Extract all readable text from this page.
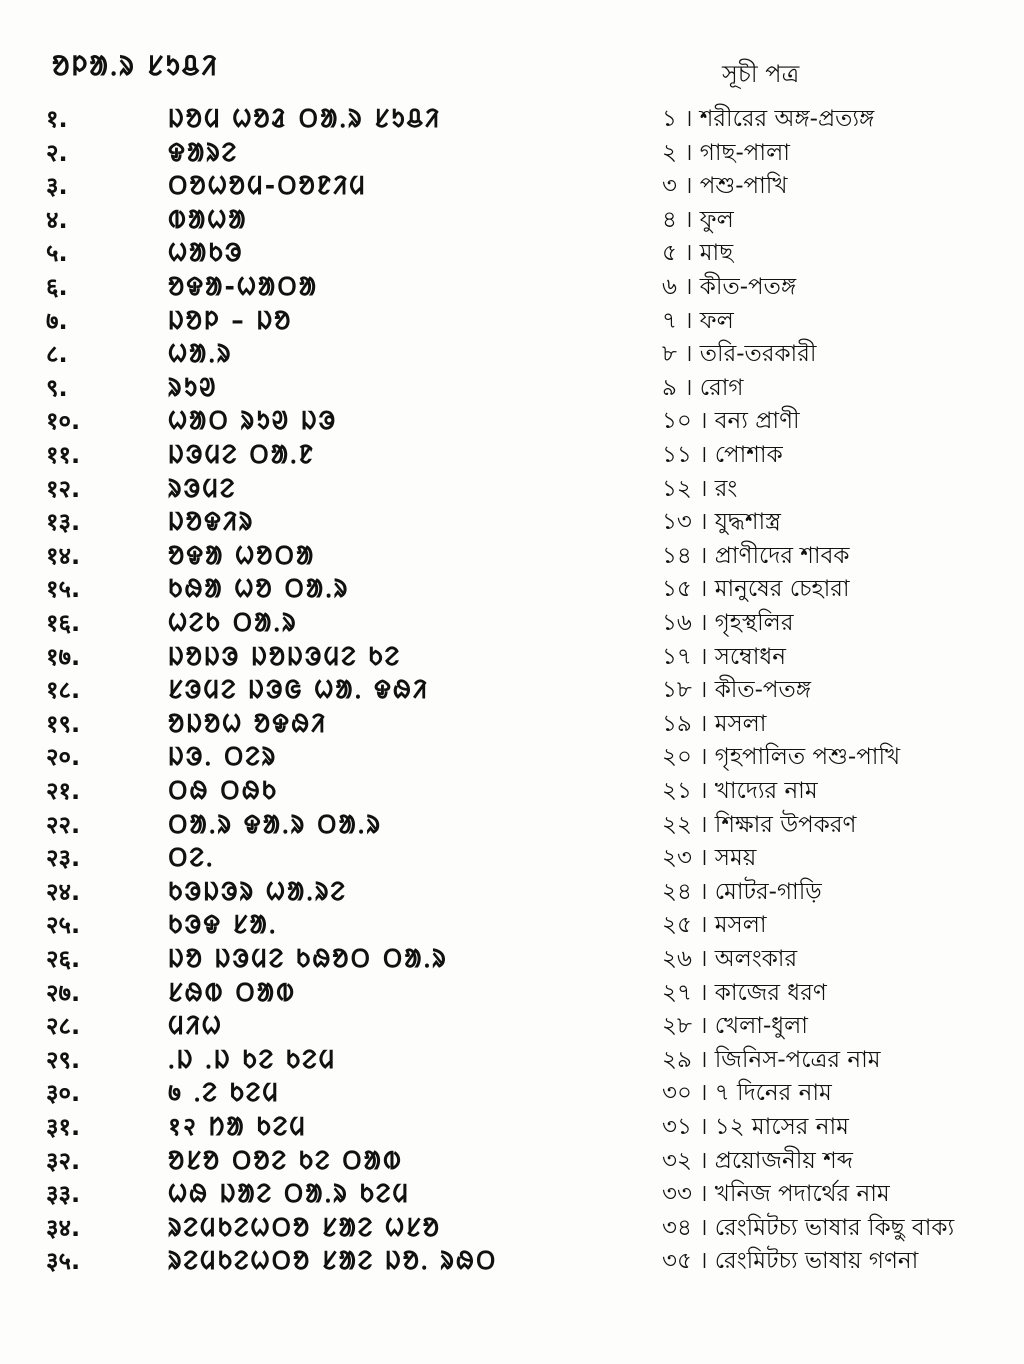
ᱚᱞᱟᱹᱨ ᱥᱩᱪᱤ	সূচী পত্র
१.	ᱡᱚᱢ ᱦᱚᱲ ᱛᱟᱹᱨ ᱥᱩᱪᱤ	১ । শরীরের অঙ্গ-প্রত্যঙ্গ
२.	ᱫᱟᱨᱮ	২ । গাছ-পালা
३.	ᱛᱚᱦᱚᱢ-ᱛᱚᱱᱤᱢ	৩ । পশু-পাখি
४.	ᱵᱟᱦᱟ	৪ । ফুল
५.	ᱦᱟᱠᱳ	৫ । মাছ
६.	ᱚᱫᱟ-ᱦᱟᱛᱟ	৬ । কীত-পতঙ্গ
७.	ᱡᱚᱞ – ᱡᱚ	৭ । ফল
८.	ᱦᱟᱹᱨ	৮ । তরি-তরকারী
९.	ᱨᱩᱣ	৯ । রোগ
१०.	ᱦᱟᱛ ᱨᱩᱣ ᱡᱳ	১০ । বন্য প্রাণী
११.	ᱡᱳᱢᱮ ᱛᱟᱹᱱ	১১ । পোশাক
१२.	ᱨᱳᱢᱮ	১২ । রং
१३.	ᱡᱚᱫᱤᱨ	১৩ । যুদ্ধশাস্ত্র
१४.	ᱚᱫᱟ ᱦᱚᱛᱟ	১৪ । প্রাণীদের শাবক
१५.	ᱠᱷᱟ ᱦᱚ ᱛᱟᱹᱨ	১৫ । মানুষের চেহারা
१६.	ᱦᱮᱠ ᱛᱟᱹᱨ	১৬ । গৃহস্থলির
१७.	ᱡᱚᱡᱳ ᱡᱚᱡᱳᱢᱮ ᱠᱮ	১৭ । সম্বোধন
१८.	ᱥᱳᱢᱮ ᱡᱳᱜ ᱦᱟᱹ ᱫᱷᱤ	১৮ । কীত-পতঙ্গ
१९.	ᱚᱡᱚᱦ ᱚᱫᱷᱤ	১৯ । মসলা
२०.	ᱡᱳᱹ ᱛᱮᱨ	২০ । গৃহপালিত পশু-পাখি
२१.	ᱛᱷ ᱛᱷᱠ	২১ । খাদ্যের নাম
२२.	ᱛᱟᱹᱨ ᱫᱟᱹᱨ ᱛᱟᱹᱨ	২২ । শিক্ষার উপকরণ
२३.	ᱛᱮᱹ	২৩ । সময়
२४.	ᱠᱳᱡᱳᱨ ᱦᱟᱹᱨᱮ	২৪ । মোটর-গাড়ি
२५.	ᱠᱳᱫ ᱥᱟᱹ	২৫ । মসলা
२६.	ᱡᱚ ᱡᱳᱢᱮ ᱠᱷᱚᱛ ᱛᱟᱹᱨ	২৬ । অলংকার
२७.	ᱥᱷᱵ ᱛᱟᱵ	২৭ । কাজের ধরণ
२८.	ᱢᱤᱦ	২৮ । খেলা-ধুলা
२९.	ᱹᱡ ᱹᱡ ᱠᱮ ᱠᱮᱢ	২৯ । জিনিস-পত্রের নাম
३०.	७ ᱹᱮ ᱠᱮᱢ	৩০ । ৭ দিনের নাম
३१.	१२ ᱴᱟ ᱠᱮᱢ	৩১ । ১২ মাসের নাম
३२.	ᱚᱥᱚ ᱛᱚᱮ ᱠᱮ ᱛᱟᱵ	৩২ । প্রয়োজনীয় শব্দ
३३.	ᱦᱷ ᱡᱟᱮ ᱛᱟᱹᱨ ᱠᱮᱢ	৩৩ । খনিজ পদার্থের নাম
३४.	ᱨᱮᱢᱠᱮᱦᱛᱚ ᱥᱟᱮ ᱦᱥᱚ	৩৪ । রেংমিটচ্য ভাষার কিছু বাক্য
३५.	ᱨᱮᱢᱠᱮᱦᱛᱚ ᱥᱟᱮ ᱡᱚᱹ ᱨᱷᱛ	৩৫ । রেংমিটচ্য ভাষায় গণনা
